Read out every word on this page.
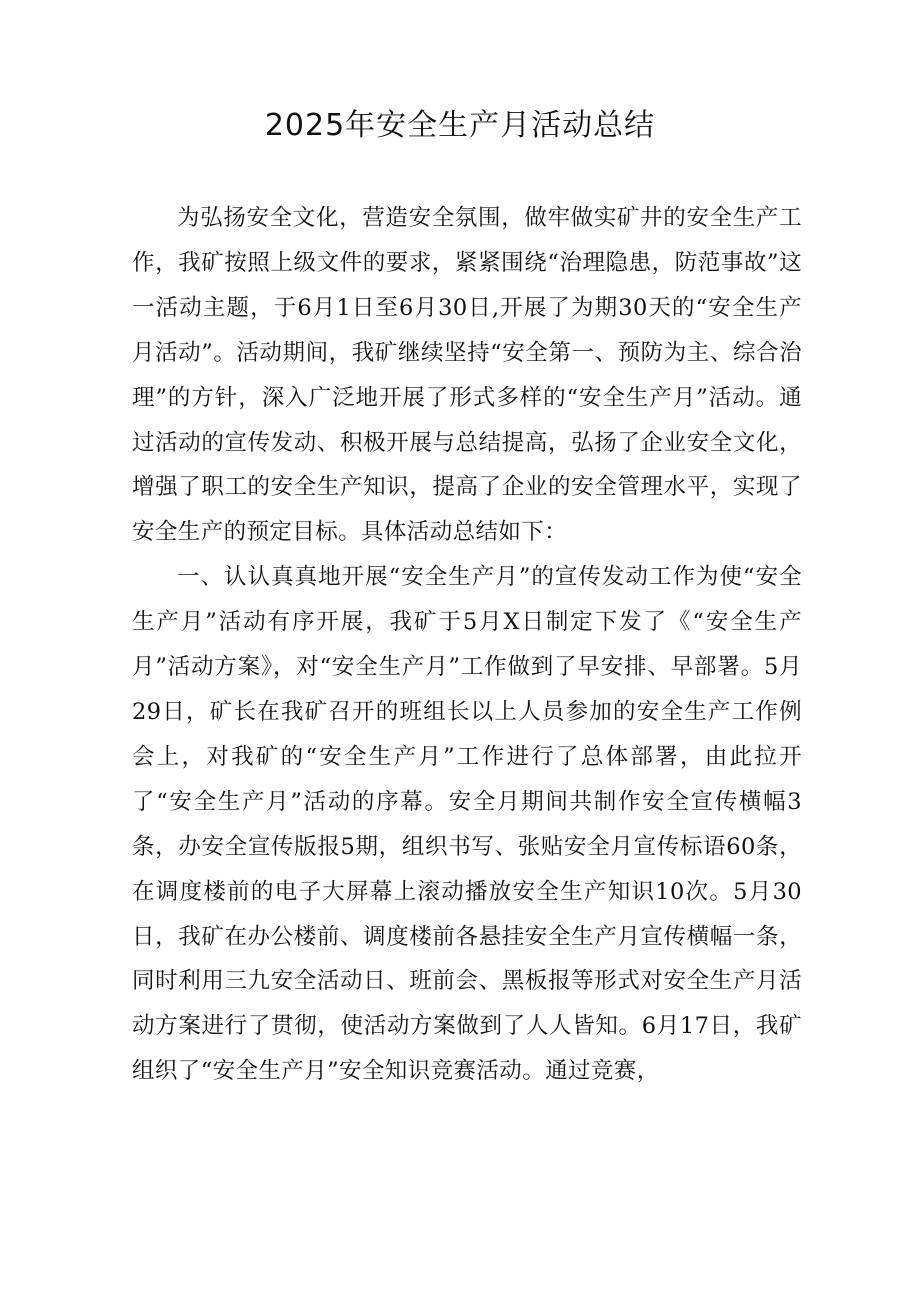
2025年安全生产月活动总结

为弘扬安全文化，营造安全氛围，做牢做实矿井的安全生产工作，我矿按照上级文件的要求，紧紧围绕“治理隐患，防范事故”这一活动主题，于6月1日至6月30日,开展了为期30天的“安全生产月活动”。活动期间，我矿继续坚持“安全第一、预防为主、综合治理”的方针，深入广泛地开展了形式多样的“安全生产月”活动。通过活动的宣传发动、积极开展与总结提高，弘扬了企业安全文化，增强了职工的安全生产知识，提高了企业的安全管理水平，实现了安全生产的预定目标。具体活动总结如下：

一、认认真真地开展“安全生产月”的宣传发动工作为使“安全生产月”活动有序开展，我矿于5月X日制定下发了《“安全生产月”活动方案》，对“安全生产月”工作做到了早安排、早部署。5月29日，矿长在我矿召开的班组长以上人员参加的安全生产工作例会上，对我矿的“安全生产月”工作进行了总体部署，由此拉开了“安全生产月”活动的序幕。安全月期间共制作安全宣传横幅3条，办安全宣传版报5期，组织书写、张贴安全月宣传标语60条，在调度楼前的电子大屏幕上滚动播放安全生产知识10次。5月30日，我矿在办公楼前、调度楼前各悬挂安全生产月宣传横幅一条，同时利用三九安全活动日、班前会、黑板报等形式对安全生产月活动方案进行了贯彻，使活动方案做到了人人皆知。6月17日，我矿组织了“安全生产月”安全知识竞赛活动。通过竞赛，
